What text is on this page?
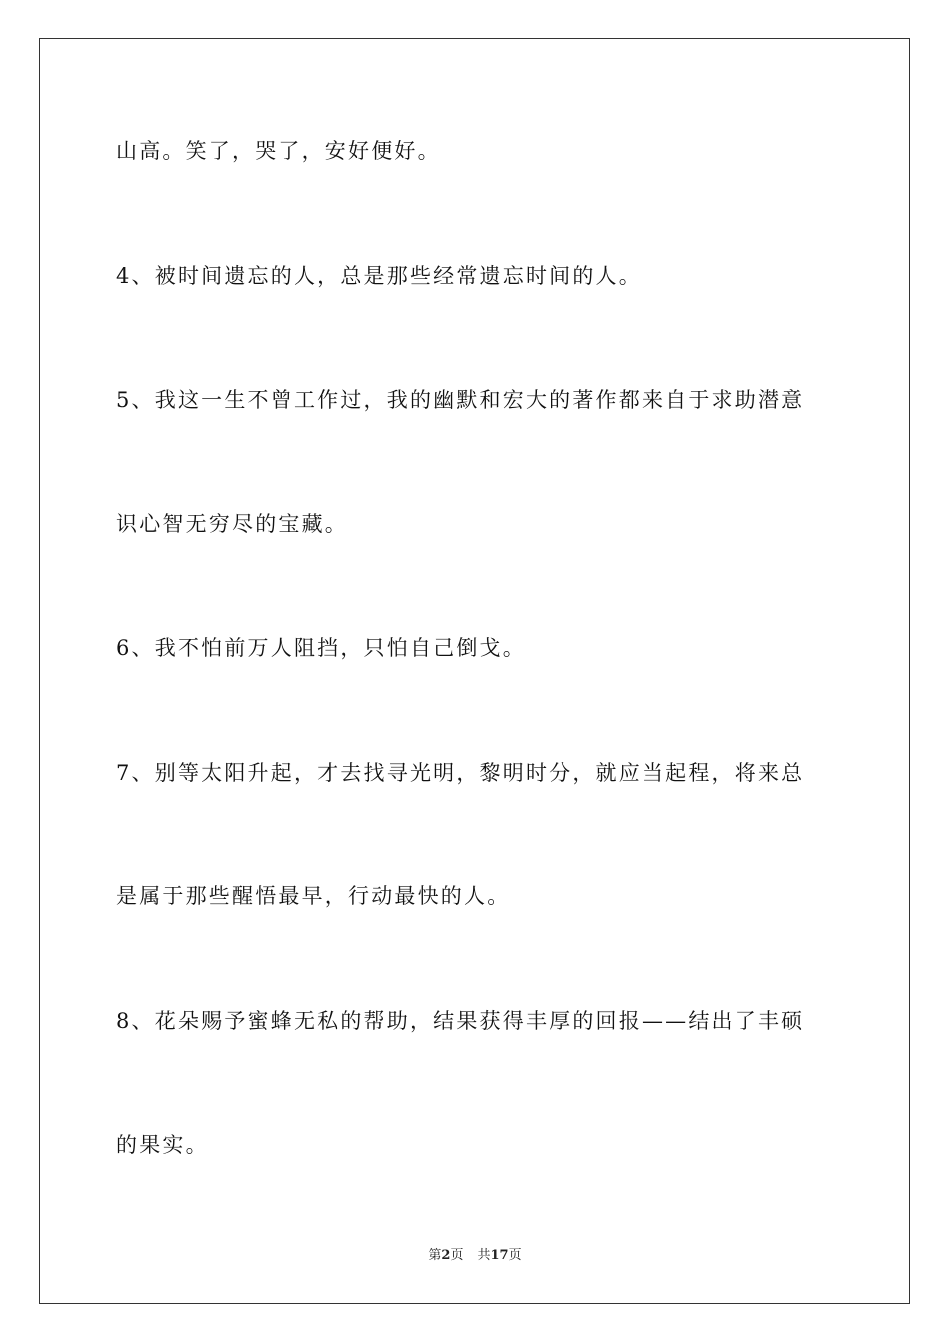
山高。笑了，哭了，安好便好。
4、被时间遗忘的人，总是那些经常遗忘时间的人。
5、我这一生不曾工作过，我的幽默和宏大的著作都来自于求助潜意
识心智无穷尽的宝藏。
6、我不怕前万人阻挡，只怕自己倒戈。
7、别等太阳升起，才去找寻光明，黎明时分，就应当起程，将来总
是属于那些醒悟最早，行动最快的人。
8、花朵赐予蜜蜂无私的帮助，结果获得丰厚的回报——结出了丰硕
的果实。
第2页 共17页
